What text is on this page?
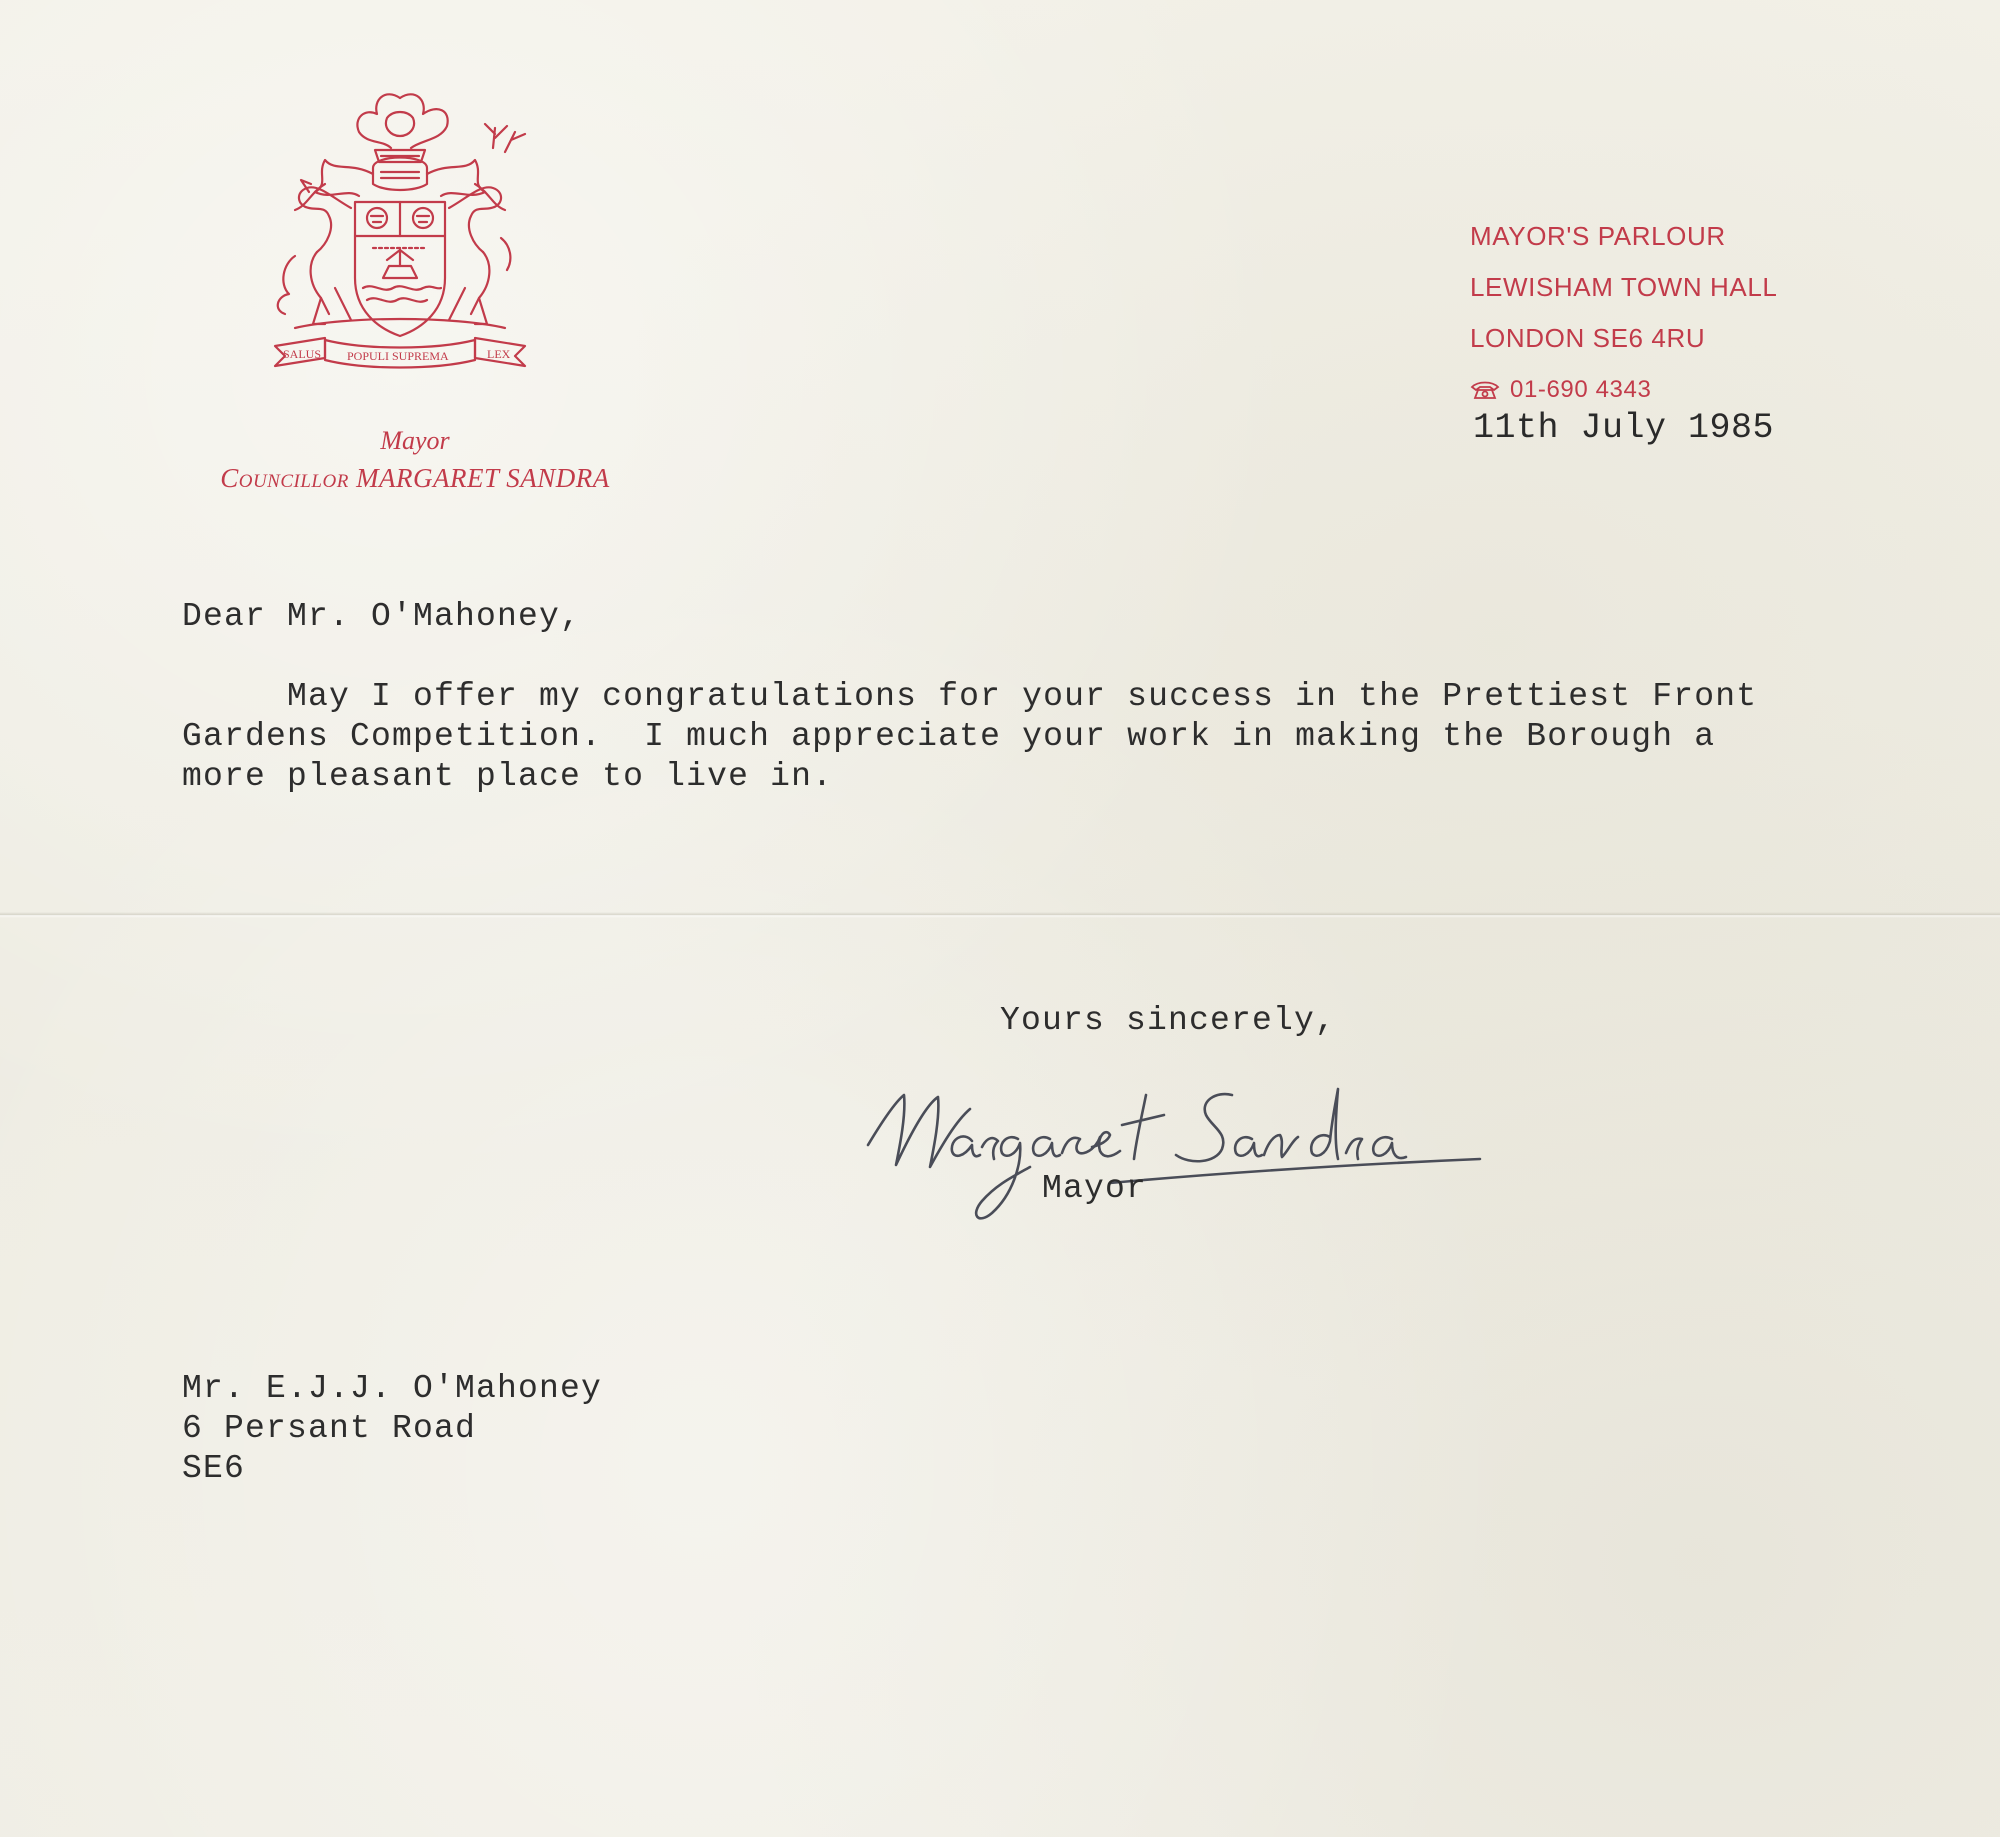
SALUS POPULI SUPREMA	LEX
Mayor
Councillor MARGARET SANDRA
MAYOR'S PARLOUR
LEWISHAM TOWN HALL
LONDON SE6 4RU
01-690 4343
11th July 1985
Dear Mr. O'Mahoney,
May I offer my congratulations for your success in the Prettiest Front
Gardens Competition.  I much appreciate your work in making the Borough a
more pleasant place to live in.
Yours sincerely,
Mayor
Mr. E.J.J. O'Mahoney
6 Persant Road
SE6
